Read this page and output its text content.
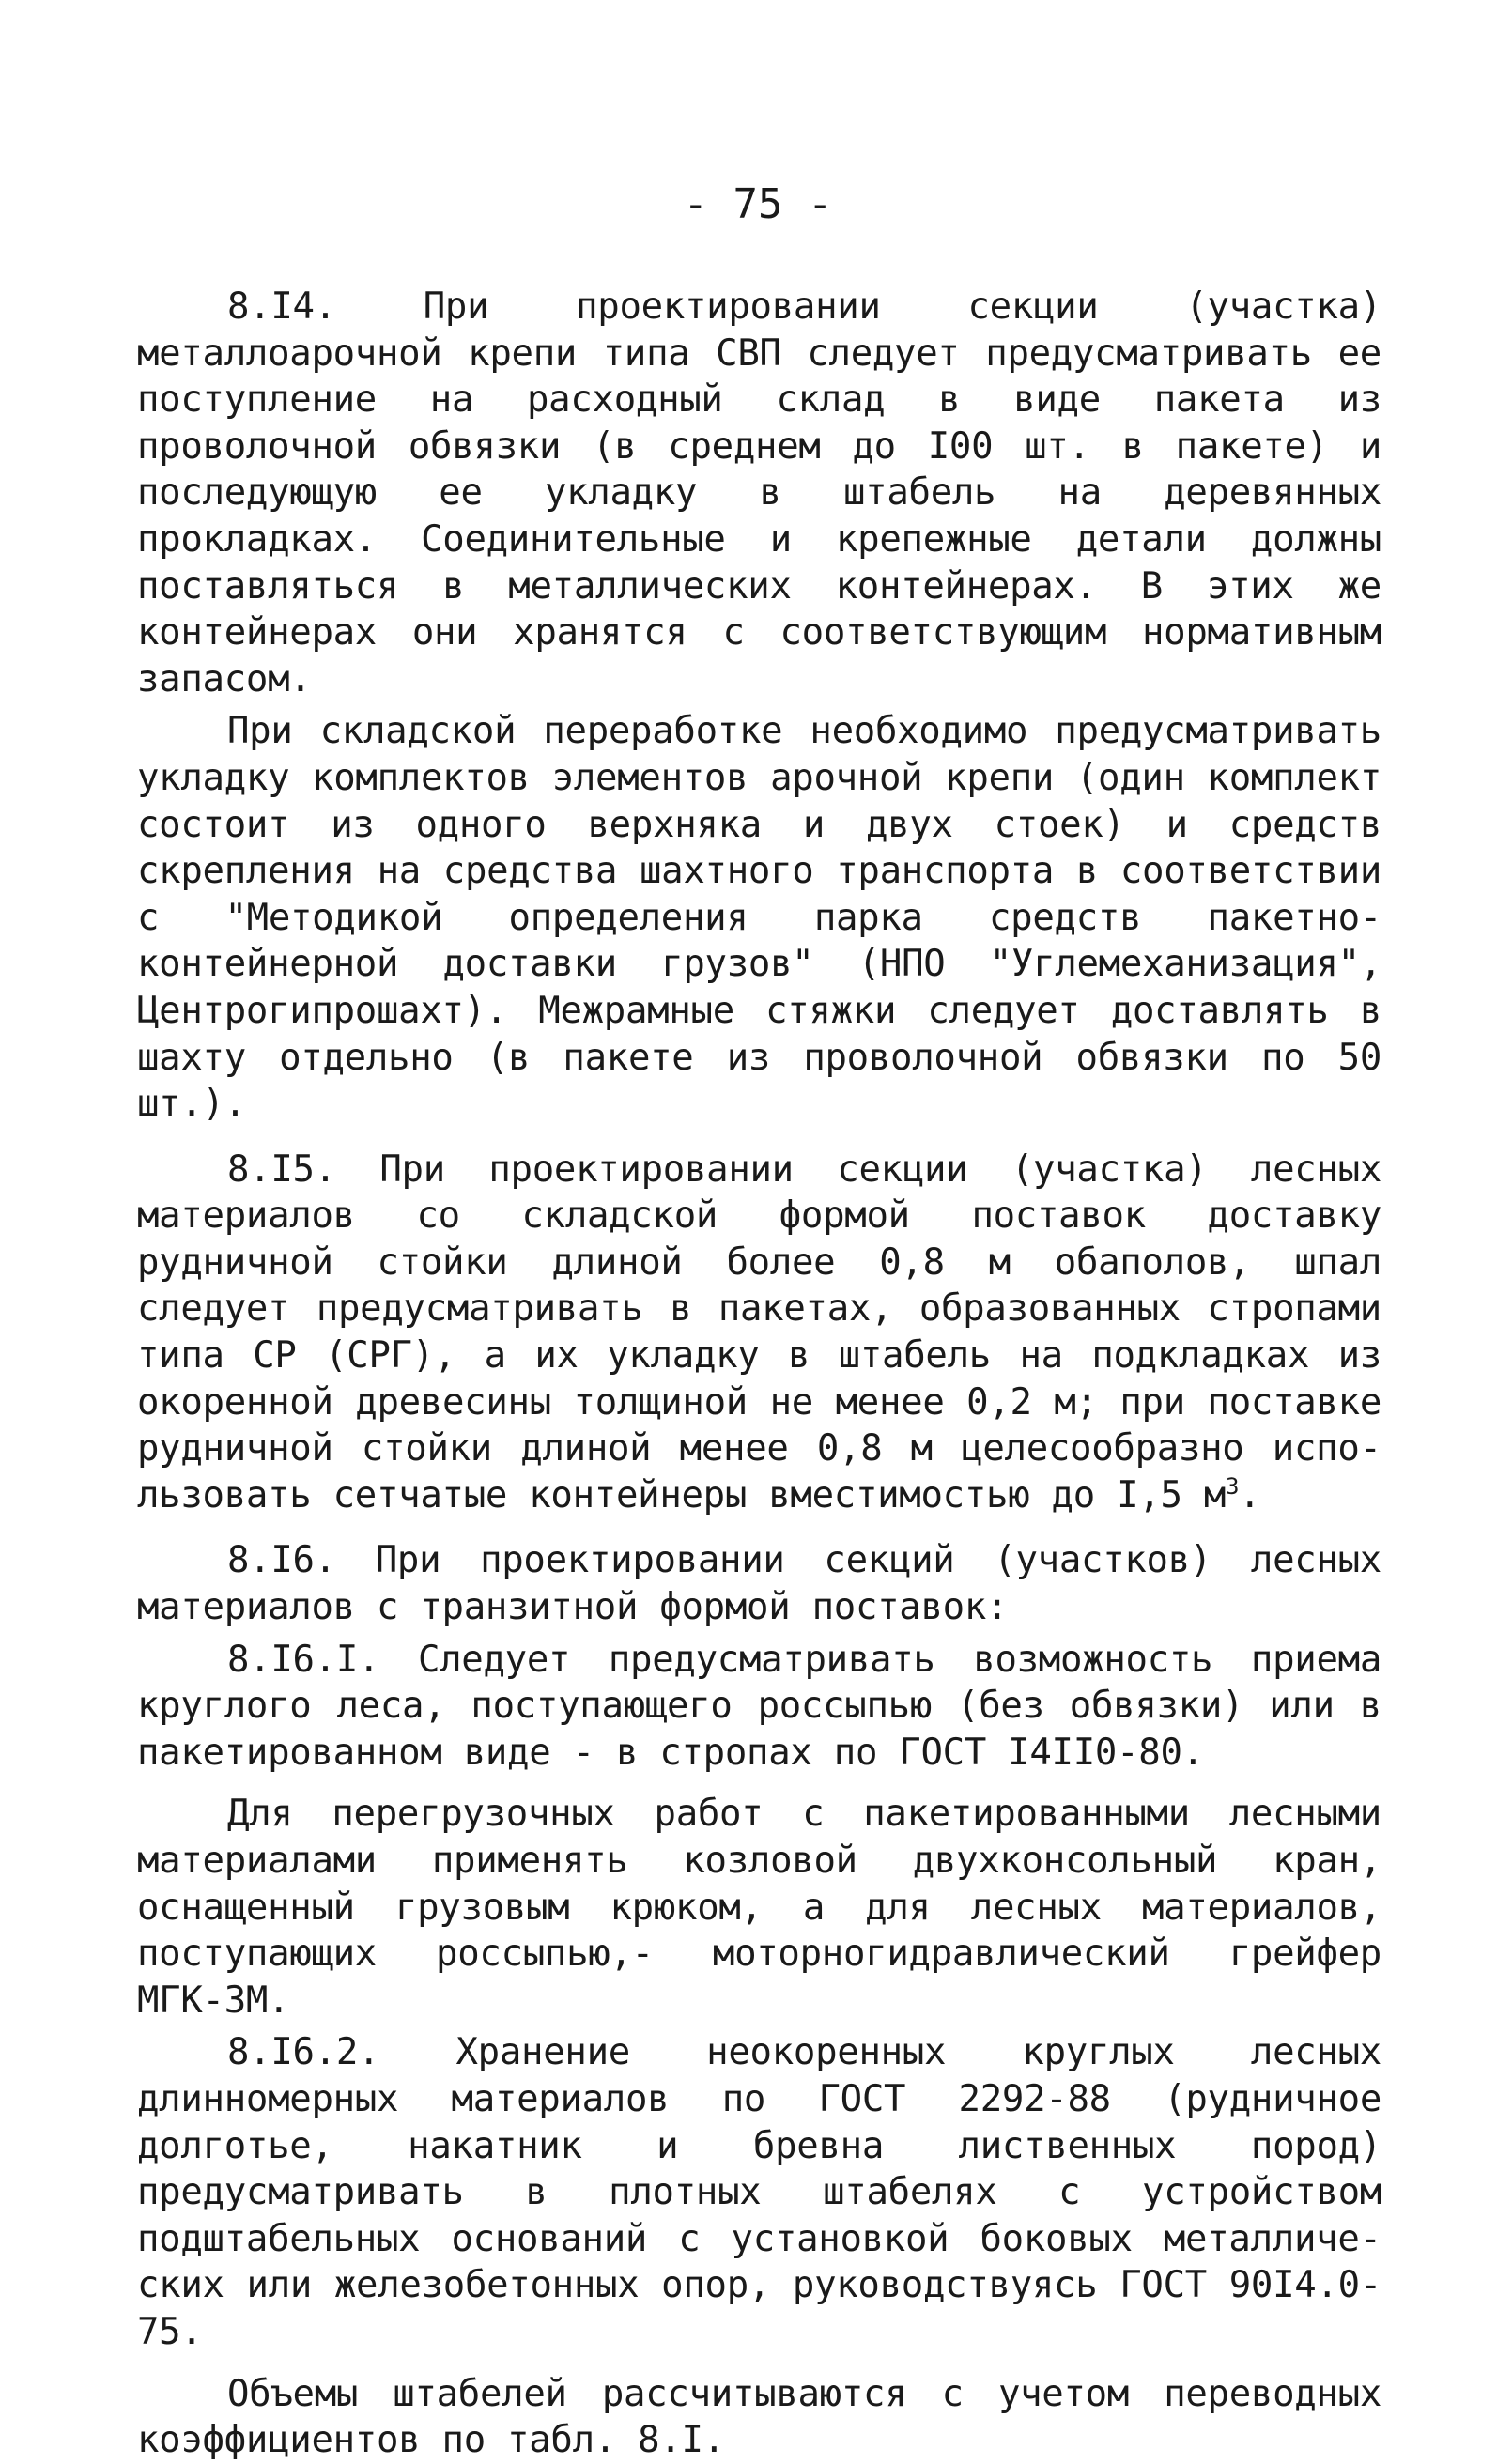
- 75 -

8.I4. При проектировании секции (участка) металлоарочной крепи типа СВП следует предусматривать ее поступление на расходный склад в виде пакета из проволочной обвязки (в среднем до I00 шт. в пакете) и последующую ее укладку в штабель на деревянных прокладках. Соединительные и крепежные детали должны поставляться в металлических контейнерах. В этих же контейнерах они хранятся с соответствующим нормативным запасом.

При складской переработке необходимо предусматривать укладку комплектов элементов арочной крепи (один комплект состоит из одного верхняка и двух стоек) и средств скрепления на средства шахтного транспорта в соответствии с "Методикой определения парка средств пакетно-контейнерной доставки грузов" (НПО "Углемеханизация", Центрогипрошахт). Межрамные стяжки следует доставлять в шахту отдельно (в пакете из проволочной обвязки по 50 шт.).

8.I5. При проектировании секции (участка) лесных материалов со складской формой поставок доставку рудничной стойки длиной более 0,8 м обаполов, шпал следует предусматривать в пакетах, образованных стропами типа СР (СРГ), а их укладку в штабель на подкладках из окоренной древесины толщиной не менее 0,2 м; при поставке рудничной стойки длиной менее 0,8 м целесообразно использовать сетчатые контейнеры вместимостью до I,5 $м^3$.

8.I6. При проектировании секций (участков) лесных материалов с транзитной формой поставок:

8.I6.I. Следует предусматривать возможность приема круглого леса, поступающего россыпью (без обвязки) или в пакетированном виде - в стропах по ГОСТ I4II0-80.

Для перегрузочных работ с пакетированными лесными материалами применять козловой двухконсольный кран, оснащенный грузовым крюком, а для лесных материалов, поступающих россыпью,- моторногидравлический грейфер МГК-3М.

8.I6.2. Хранение неокоренных круглых лесных длинномерных материалов по ГОСТ 2292-88 (рудничное долготье, накатник и бревна лиственных пород) предусматривать в плотных штабелях с устройством подштабельных оснований с установкой боковых металлических или железобетонных опор, руководствуясь ГОСТ 90I4.0-75.

Объемы штабелей рассчитываются с учетом переводных коэффициентов по табл. 8.I.
